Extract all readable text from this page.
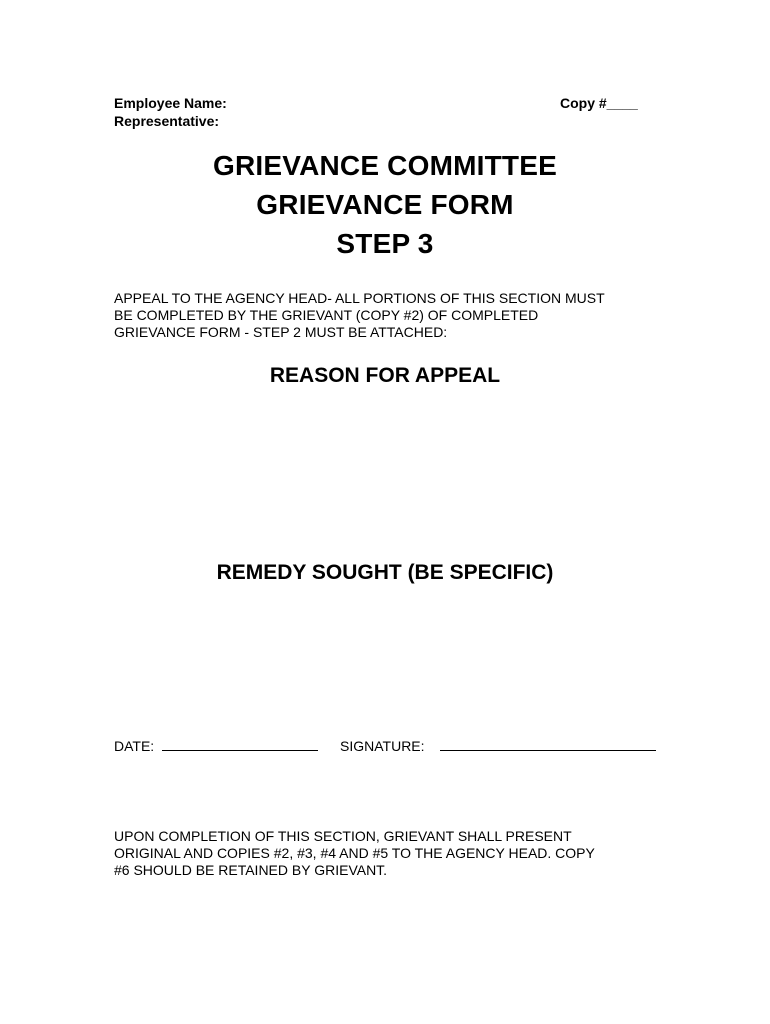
Employee Name:
Representative:
Copy #____
GRIEVANCE COMMITTEE
GRIEVANCE FORM
STEP 3
APPEAL TO THE AGENCY HEAD- ALL PORTIONS OF THIS SECTION MUST
BE COMPLETED BY THE GRIEVANT (COPY #2) OF COMPLETED
GRIEVANCE FORM - STEP 2 MUST BE ATTACHED:
REASON FOR APPEAL
REMEDY SOUGHT (BE SPECIFIC)
DATE:	SIGNATURE:
UPON COMPLETION OF THIS SECTION, GRIEVANT SHALL PRESENT
ORIGINAL AND COPIES #2, #3, #4 AND #5 TO THE AGENCY HEAD. COPY
#6 SHOULD BE RETAINED BY GRIEVANT.
